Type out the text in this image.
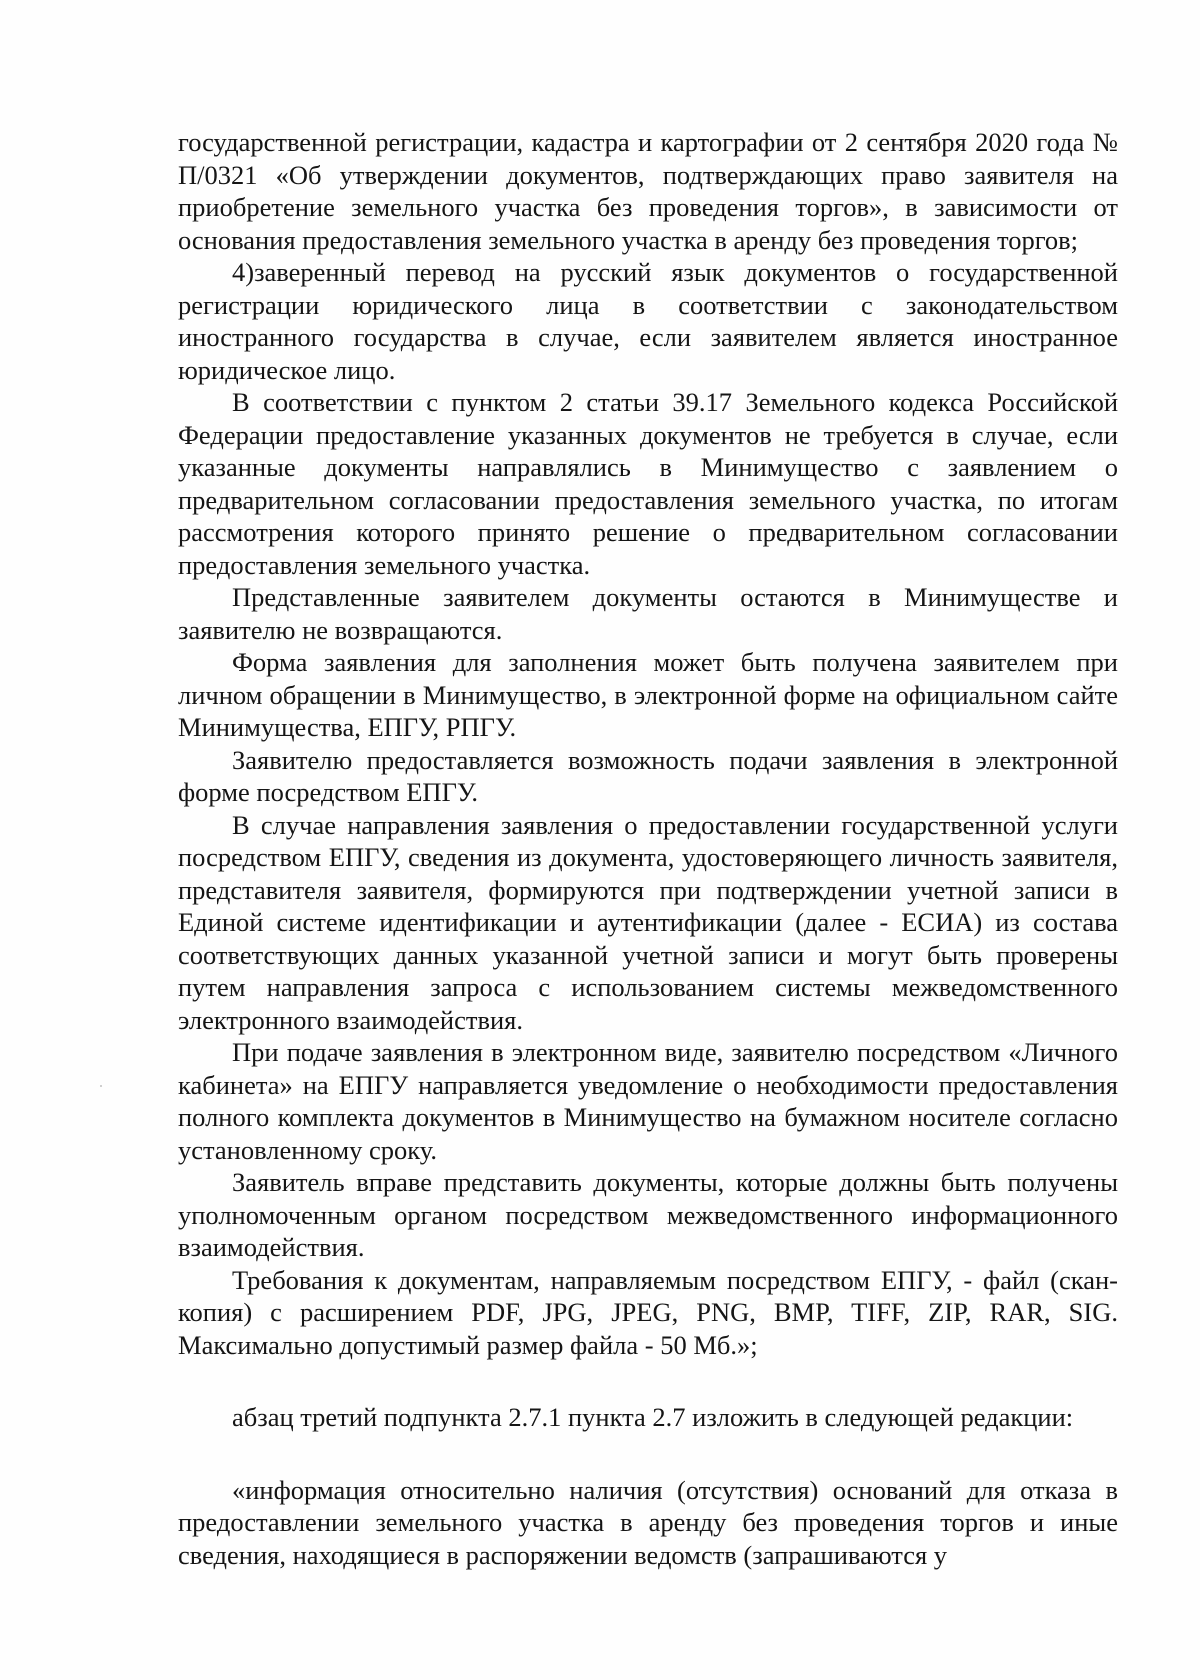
государственной регистрации, кадастра и картографии от 2 сентября 2020 года № П/0321 «Об утверждении документов, подтверждающих право заявителя на приобретение земельного участка без проведения торгов», в зависимости от основания предоставления земельного участка в аренду без проведения торгов;

4)заверенный перевод на русский язык документов о государственной регистрации юридического лица в соответствии с законодательством иностранного государства в случае, если заявителем является иностранное юридическое лицо.

В соответствии с пунктом 2 статьи 39.17 Земельного кодекса Российской Федерации предоставление указанных документов не требуется в случае, если указанные документы направлялись в Минимущество с заявлением о предварительном согласовании предоставления земельного участка, по итогам рассмотрения которого принято решение о предварительном согласовании предоставления земельного участка.

Представленные заявителем документы остаются в Минимуществе и заявителю не возвращаются.

Форма заявления для заполнения может быть получена заявителем при личном обращении в Минимущество, в электронной форме на официальном сайте Минимущества, ЕПГУ, РПГУ.

Заявителю предоставляется возможность подачи заявления в электронной форме посредством ЕПГУ.

В случае направления заявления о предоставлении государственной услуги посредством ЕПГУ, сведения из документа, удостоверяющего личность заявителя, представителя заявителя, формируются при подтверждении учетной записи в Единой системе идентификации и аутентификации (далее - ЕСИА) из состава соответствующих данных указанной учетной записи и могут быть проверены путем направления запроса с использованием системы межведомственного электронного взаимодействия.

При подаче заявления в электронном виде, заявителю посредством «Личного кабинета» на ЕПГУ направляется уведомление о необходимости предоставления полного комплекта документов в Минимущество на бумажном носителе согласно установленному сроку.

Заявитель вправе представить документы, которые должны быть получены уполномоченным органом посредством межведомственного информационного взаимодействия.

Требования к документам, направляемым посредством ЕПГУ, - файл (скан-копия) с расширением PDF, JPG, JPEG, PNG, BMP, TIFF, ZIP, RAR, SIG. Максимально допустимый размер файла - 50 Мб.»;

абзац третий подпункта 2.7.1 пункта 2.7 изложить в следующей редакции:

«информация относительно наличия (отсутствия) оснований для отказа в предоставлении земельного участка в аренду без проведения торгов и иные сведения, находящиеся в распоряжении ведомств (запрашиваются у
